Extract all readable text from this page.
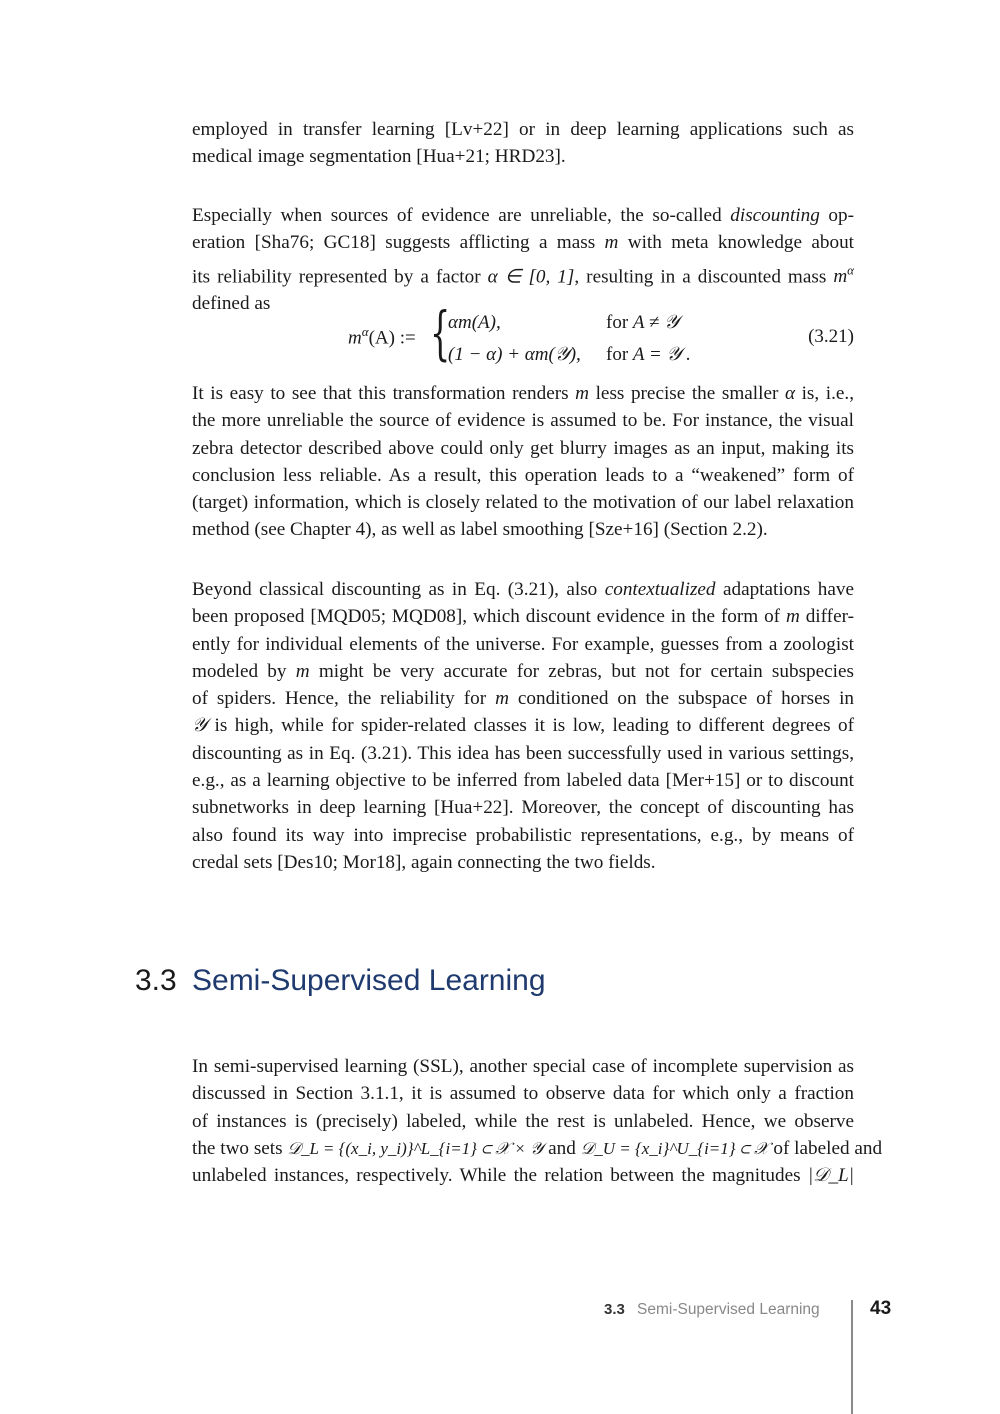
employed in transfer learning [Lv+22] or in deep learning applications such as
medical image segmentation [Hua+21; HRD23].
Especially when sources of evidence are unreliable, the so-called discounting op-
eration [Sha76; GC18] suggests afflicting a mass m with meta knowledge about
its reliability represented by a factor α ∈ [0, 1], resulting in a discounted mass $m^\alpha$
defined as
$m^\alpha(A)$ := {
αm(A),
(1 − α) + αm(𝒴),
for A ≠ 𝒴
for A = 𝒴 .
(3.21)
It is easy to see that this transformation renders m less precise the smaller α is, i.e.,
the more unreliable the source of evidence is assumed to be. For instance, the visual
zebra detector described above could only get blurry images as an input, making its
conclusion less reliable. As a result, this operation leads to a “weakened” form of
(target) information, which is closely related to the motivation of our label relaxation
method (see Chapter 4), as well as label smoothing [Sze+16] (Section 2.2).
Beyond classical discounting as in Eq. (3.21), also contextualized adaptations have
been proposed [MQD05; MQD08], which discount evidence in the form of m differ-
ently for individual elements of the universe. For example, guesses from a zoologist
modeled by m might be very accurate for zebras, but not for certain subspecies
of spiders. Hence, the reliability for m conditioned on the subspace of horses in
𝒴 is high, while for spider-related classes it is low, leading to different degrees of
discounting as in Eq. (3.21). This idea has been successfully used in various settings,
e.g., as a learning objective to be inferred from labeled data [Mer+15] or to discount
subnetworks in deep learning [Hua+22]. Moreover, the concept of discounting has
also found its way into imprecise probabilistic representations, e.g., by means of
credal sets [Des10; Mor18], again connecting the two fields.
3.3 Semi-Supervised Learning
In semi-supervised learning (SSL), another special case of incomplete supervision as
discussed in Section 3.1.1, it is assumed to observe data for which only a fraction
of instances is (precisely) labeled, while the rest is unlabeled. Hence, we observe
the two sets 𝒟_L = {(x_i, y_i)}^L_{i=1} ⊂ 𝒳 × 𝒴 and 𝒟_U = {x_i}^U_{i=1} ⊂ 𝒳 of labeled and
unlabeled instances, respectively. While the relation between the magnitudes |𝒟_L|
3.3 Semi-Supervised Learning	43
